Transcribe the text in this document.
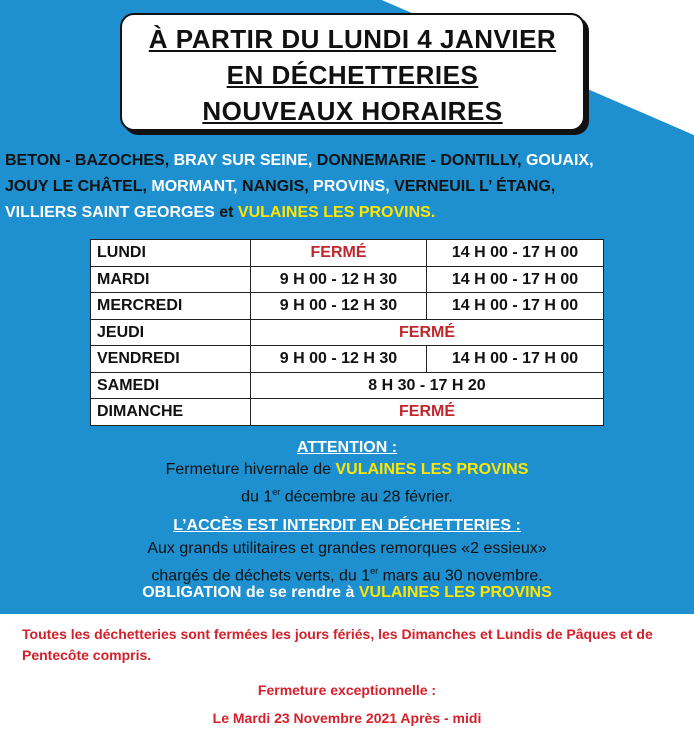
À PARTIR DU LUNDI 4 JANVIER
EN DÉCHETTERIES
NOUVEAUX HORAIRES
BETON - BAZOCHES, BRAY SUR SEINE, DONNEMARIE - DONTILLY, GOUAIX,
JOUY LE CHÂTEL, MORMANT, NANGIS, PROVINS, VERNEUIL L’ ÉTANG,
VILLIERS SAINT GEORGES et VULAINES LES PROVINS.
LUNDI	FERMÉ	14 H 00 - 17 H 00
MARDI	9 H 00 - 12 H 30	14 H 00 - 17 H 00
MERCREDI	9 H 00 - 12 H 30	14 H 00 - 17 H 00
JEUDI	FERMÉ
VENDREDI	9 H 00 - 12 H 30	14 H 00 - 17 H 00
SAMEDI	8 H 30 - 17 H 20
DIMANCHE	FERMÉ
ATTENTION :
Fermeture hivernale de VULAINES LES PROVINS
du 1er décembre au 28 février.
L’ACCÈS EST INTERDIT EN DÉCHETTERIES :
Aux grands utilitaires et grandes remorques «2 essieux»
chargés de déchets verts, du 1er mars au 30 novembre.
OBLIGATION de se rendre à VULAINES LES PROVINS
Toutes les déchetteries sont fermées les jours fériés, les Dimanches et Lundis de Pâques et de Pentecôte compris.
Fermeture exceptionnelle :
Le Mardi 23 Novembre 2021 Après - midi
